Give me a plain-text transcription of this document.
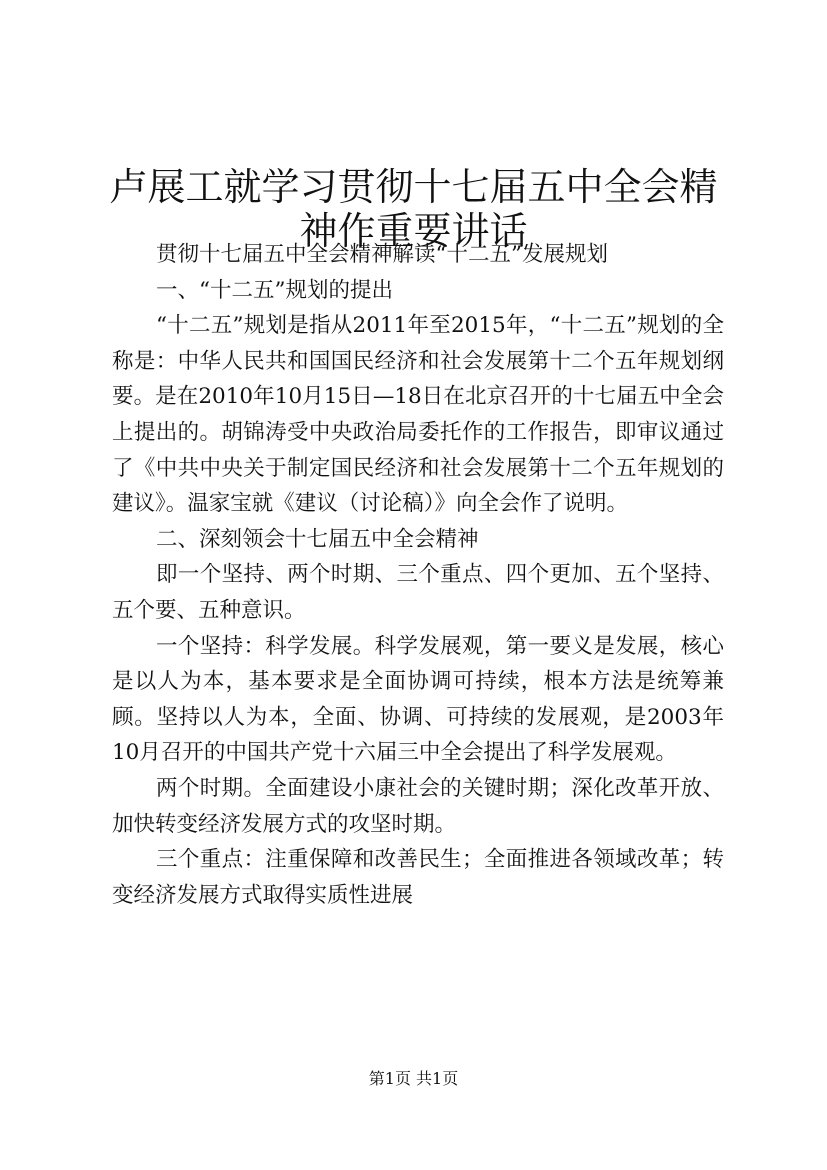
卢展工就学习贯彻十七届五中全会精神作重要讲话

贯彻十七届五中全会精神解读“十二五”发展规划

一、“十二五”规划的提出

“十二五”规划是指从2011年至2015年，“十二五”规划的全称是：中华人民共和国国民经济和社会发展第十二个五年规划纲要。是在2010年10月15日—18日在北京召开的十七届五中全会上提出的。胡锦涛受中央政治局委托作的工作报告，即审议通过了《中共中央关于制定国民经济和社会发展第十二个五年规划的建议》。温家宝就《建议（讨论稿）》向全会作了说明。

二、深刻领会十七届五中全会精神

即一个坚持、两个时期、三个重点、四个更加、五个坚持、五个要、五种意识。

一个坚持：科学发展。科学发展观，第一要义是发展，核心是以人为本，基本要求是全面协调可持续，根本方法是统筹兼顾。坚持以人为本，全面、协调、可持续的发展观，是2003年10月召开的中国共产党十六届三中全会提出了科学发展观。

两个时期。全面建设小康社会的关键时期；深化改革开放、加快转变经济发展方式的攻坚时期。

三个重点：注重保障和改善民生；全面推进各领域改革；转变经济发展方式取得实质性进展

第1页 共1页
